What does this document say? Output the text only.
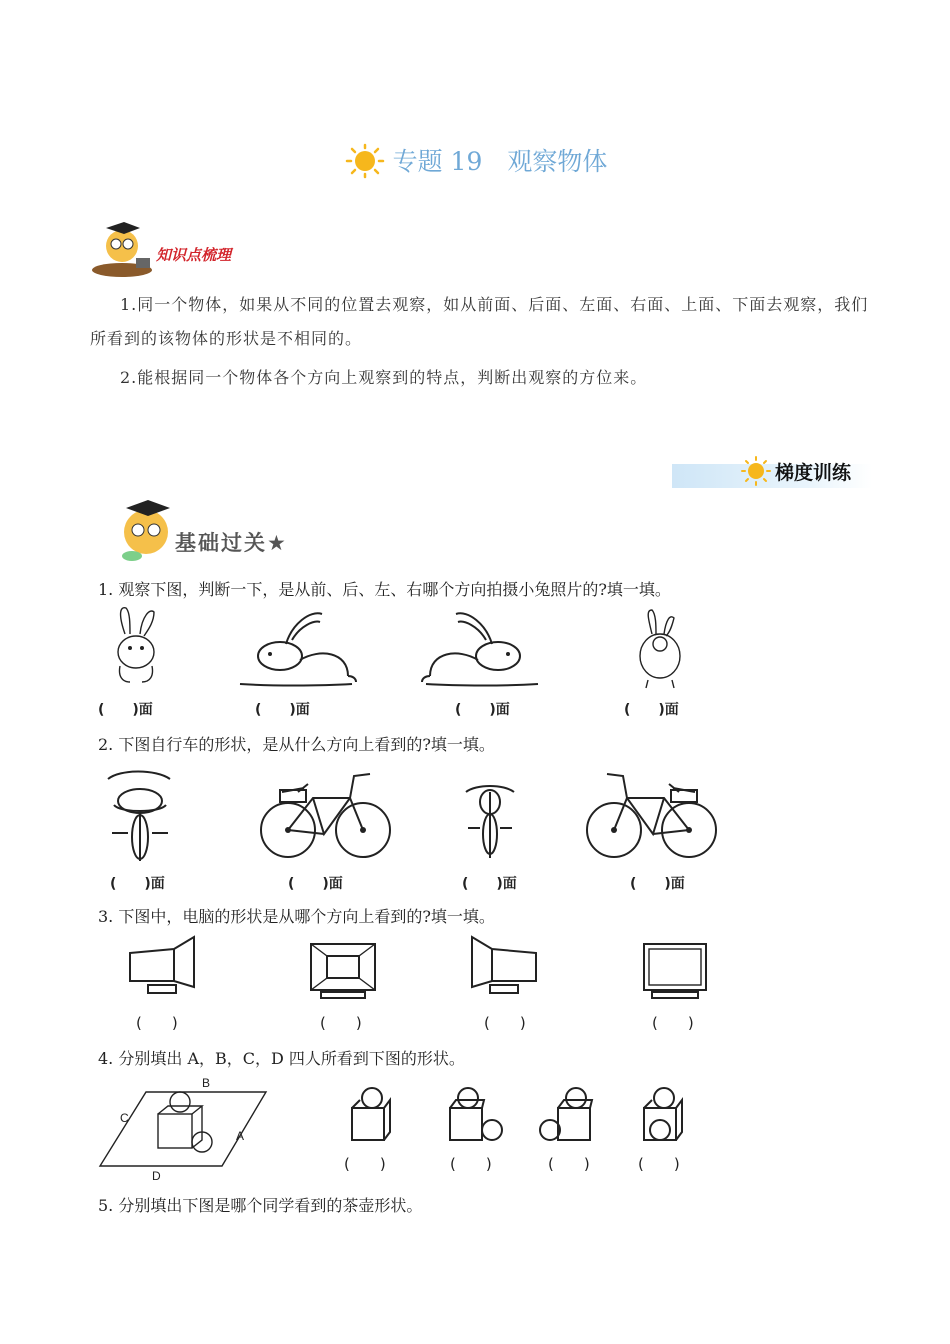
专题 19　观察物体
知识点梳理
1.同一个物体，如果从不同的位置去观察，如从前面、后面、左面、右面、上面、下面去观察，我们所看到的该物体的形状是不相同的。
2.能根据同一个物体各个方向上观察到的特点，判断出观察的方位来。
梯度训练
基础过关★
1. 观察下图，判断一下，是从前、后、左、右哪个方向拍摄小兔照片的?填一填。
(　　)面	(　　)面	(　　)面	(　　)面
2. 下图自行车的形状，是从什么方向上看到的?填一填。
(　　)面	(　　)面	(　　)面	(　　)面
3. 下图中，电脑的形状是从哪个方向上看到的?填一填。
(　　)	(　　)	(　　)	(　　)
4. 分别填出 A，B，C，D 四人所看到下图的形状。
B
C
A
D
(　　)	(　　)	(　　)	(　　)
5. 分别填出下图是哪个同学看到的茶壶形状。
